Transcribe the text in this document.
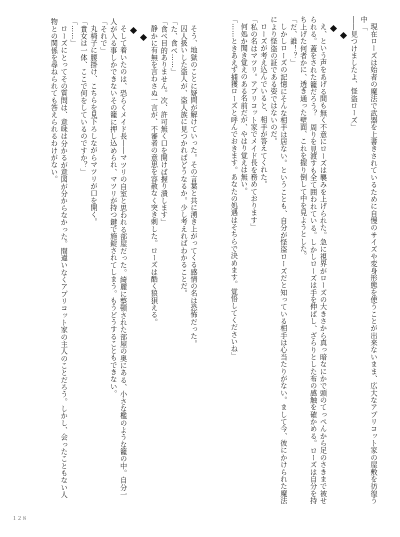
現在ローズは始者の魔法で武器を上書きされているために自慢のサイズや変身形態を使うことが出来ないまま、広大なアプリコット家の屋敷を彷徨う中「

――見つけましたよ、怪盗ローズ」

え、という声をあげる間も無く不意にローズは襲みを上げられた。急に視界がローズの大きさから真っ暗なにかで頭のてっぺんから足のさきまで被せられる。蓋をされた籠だろう？　周りを見渡すも全て囲われている。しかしローズは手を伸ばし、ざらりとした布の感触を確かめる。ローズは自分を持ち上げた何者かに、透き通った壁面、これを握り倒して中を見ようとした。

「だ、誰！？」

しかしローズの記憶にそんな相手は居ない。ということも、自分が怪盗ローズだと知っている相手は心当たりがない。まして今、彼にかけられた魔法により怪盗の証である姿ではないのだ。

ローズが考え込んでいると、相手が答えてくれた。

「私の名はマツリ。アプリコット家でメイド長を務めております」

何処か聞き覚えのある名前だが、やはり覚えは無い。

「……ときあえず捕獲ローズと呼んでおきます。あなたの処遇はそちらで決めます。覚悟してくださいね」

そう、地獄のことに疑問が解けていった。その言葉と共に湧き上がってくる感情の名は恐怖だった。

囚人扱いした盗人が、盗人族に見つかればどうなるか。少し考えればわかることだ。

「た、食べ……」

「食べ目的ありません。次、許可無く口を開けば握り潰します」

静かに有無を言わさぬ一言が、不審者の意思を容赦なく突き刺した。ローズは酷く狼狽える。

そして着いたのは、恐らくメイド長――マツリの自室と思われる部屋だった。綺麗に整頓された部屋の奥にある、小さな檻のような籠の中。自分一人が入る事しかできないその籠に押し込められ、マツリが持つ鍵で施錠されてしまう。もうどうすることもできない。

「それで」

丸椅子に腰掛け、こちらを見下ろしながらマツリが口を開く。

「貴女は一体、ここで何をしているのですか？」

「……」

ローズにとってその質問は、意味は分かるが意図が分からなかった。間違いなくアプリコット家の主人のことだろう。しかし、会ったこともない人物との関係を尋ねられても答えられるわけがない。

１２８
